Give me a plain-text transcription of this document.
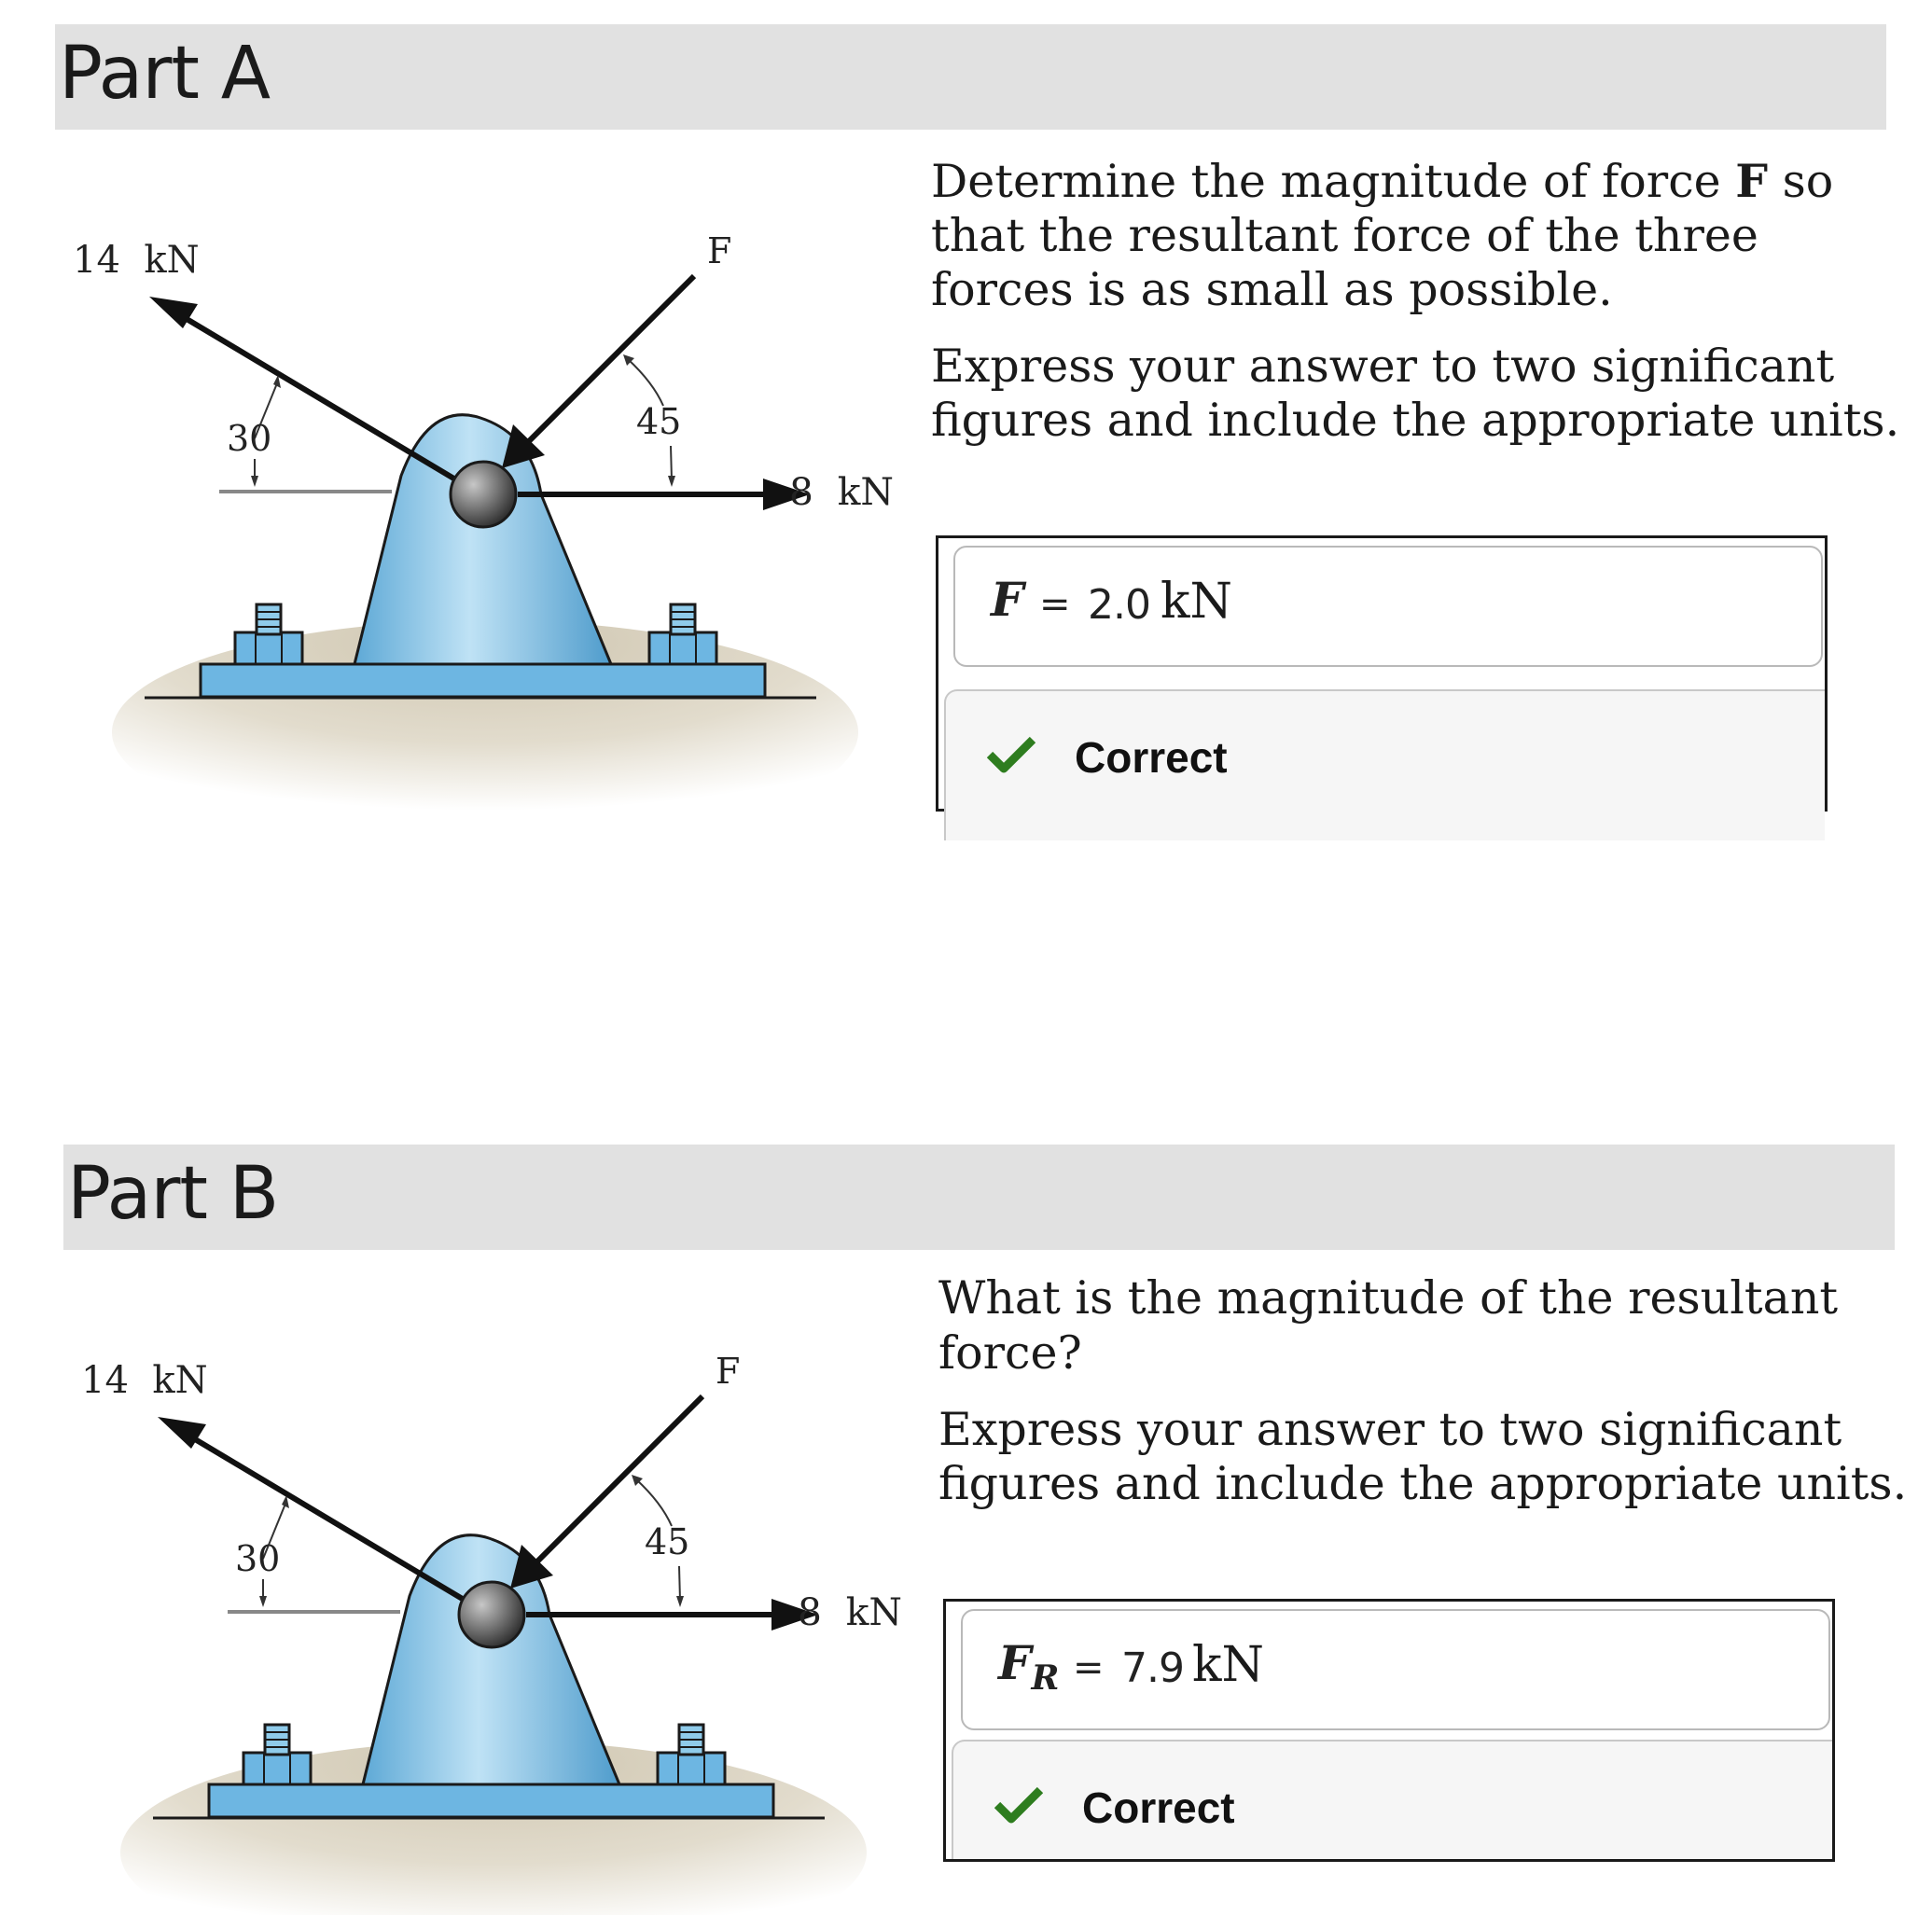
Part A
14  kN	F
8  kN
30	45

Determine the magnitude of force F so that the resultant force of the three forces is as small as possible.

Express your answer to two significant figures and include the appropriate units.

F = 2.0 kN
Correct
Part B
14  kN	F
8  kN
30	45

What is the magnitude of the resultant force?

Express your answer to two significant figures and include the appropriate units.

$F_R = 7.9$ kN
Correct
